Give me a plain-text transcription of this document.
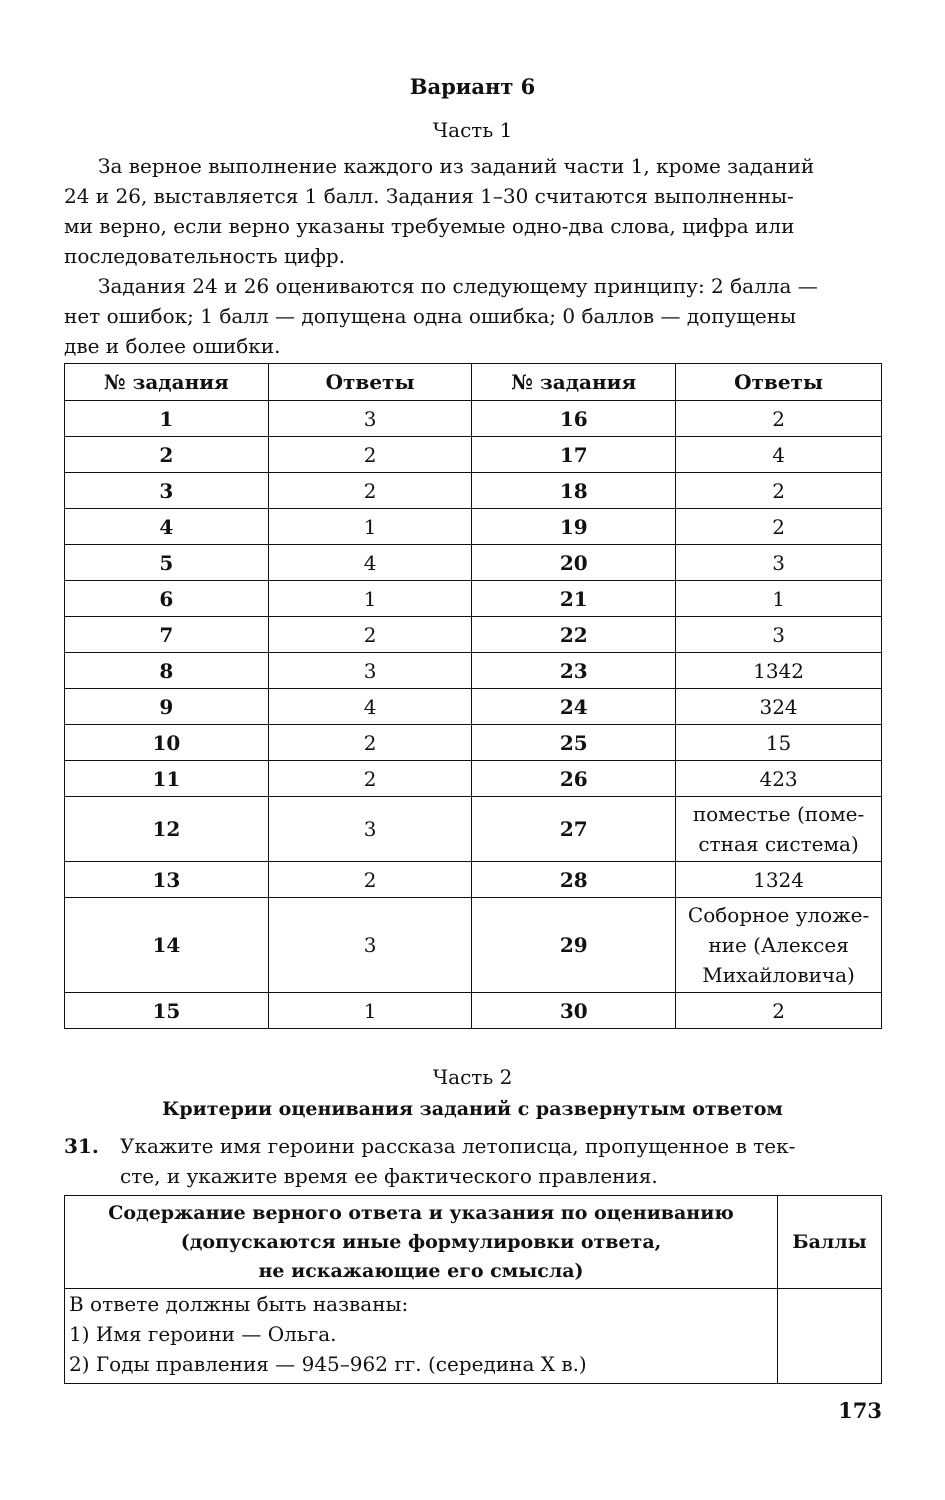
Вариант 6
Часть 1
За верное выполнение каждого из заданий части 1, кроме заданий
24 и 26, выставляется 1 балл. Задания 1–30 считаются выполненны-
ми верно, если верно указаны требуемые одно-два слова, цифра или
последовательность цифр.
Задания 24 и 26 оцениваются по следующему принципу: 2 балла —
нет ошибок; 1 балл — допущена одна ошибка; 0 баллов — допущены
две и более ошибки.
№ задания	Ответы	№ задания	Ответы
1	3	16	2

2	2	17	4

3	2	18	2

4	1	19	2

5	4	20	3

6	1	21	1

7	2	22	3

8	3	23	1342

9	4	24	324

10	2	25	15

11	2	26	423

12	3	27	поместье (поме-
стная система)

13	2	28	1324

14	3	29	Соборное уложе-
ние (Алексея
Михайловича)

15	1	30	2
Часть 2
Критерии оценивания заданий с развернутым ответом
31. Укажите имя героини рассказа летописца, пропущенное в тек-
сте, и укажите время ее фактического правления.
Содержание верного ответа и указания по оцениванию
(допускаются иные формулировки ответа,
не искажающие его смысла)	Баллы

В ответе должны быть названы:
1) Имя героини — Ольга.
2) Годы правления — 945–962 гг. (середина X в.)	

173
